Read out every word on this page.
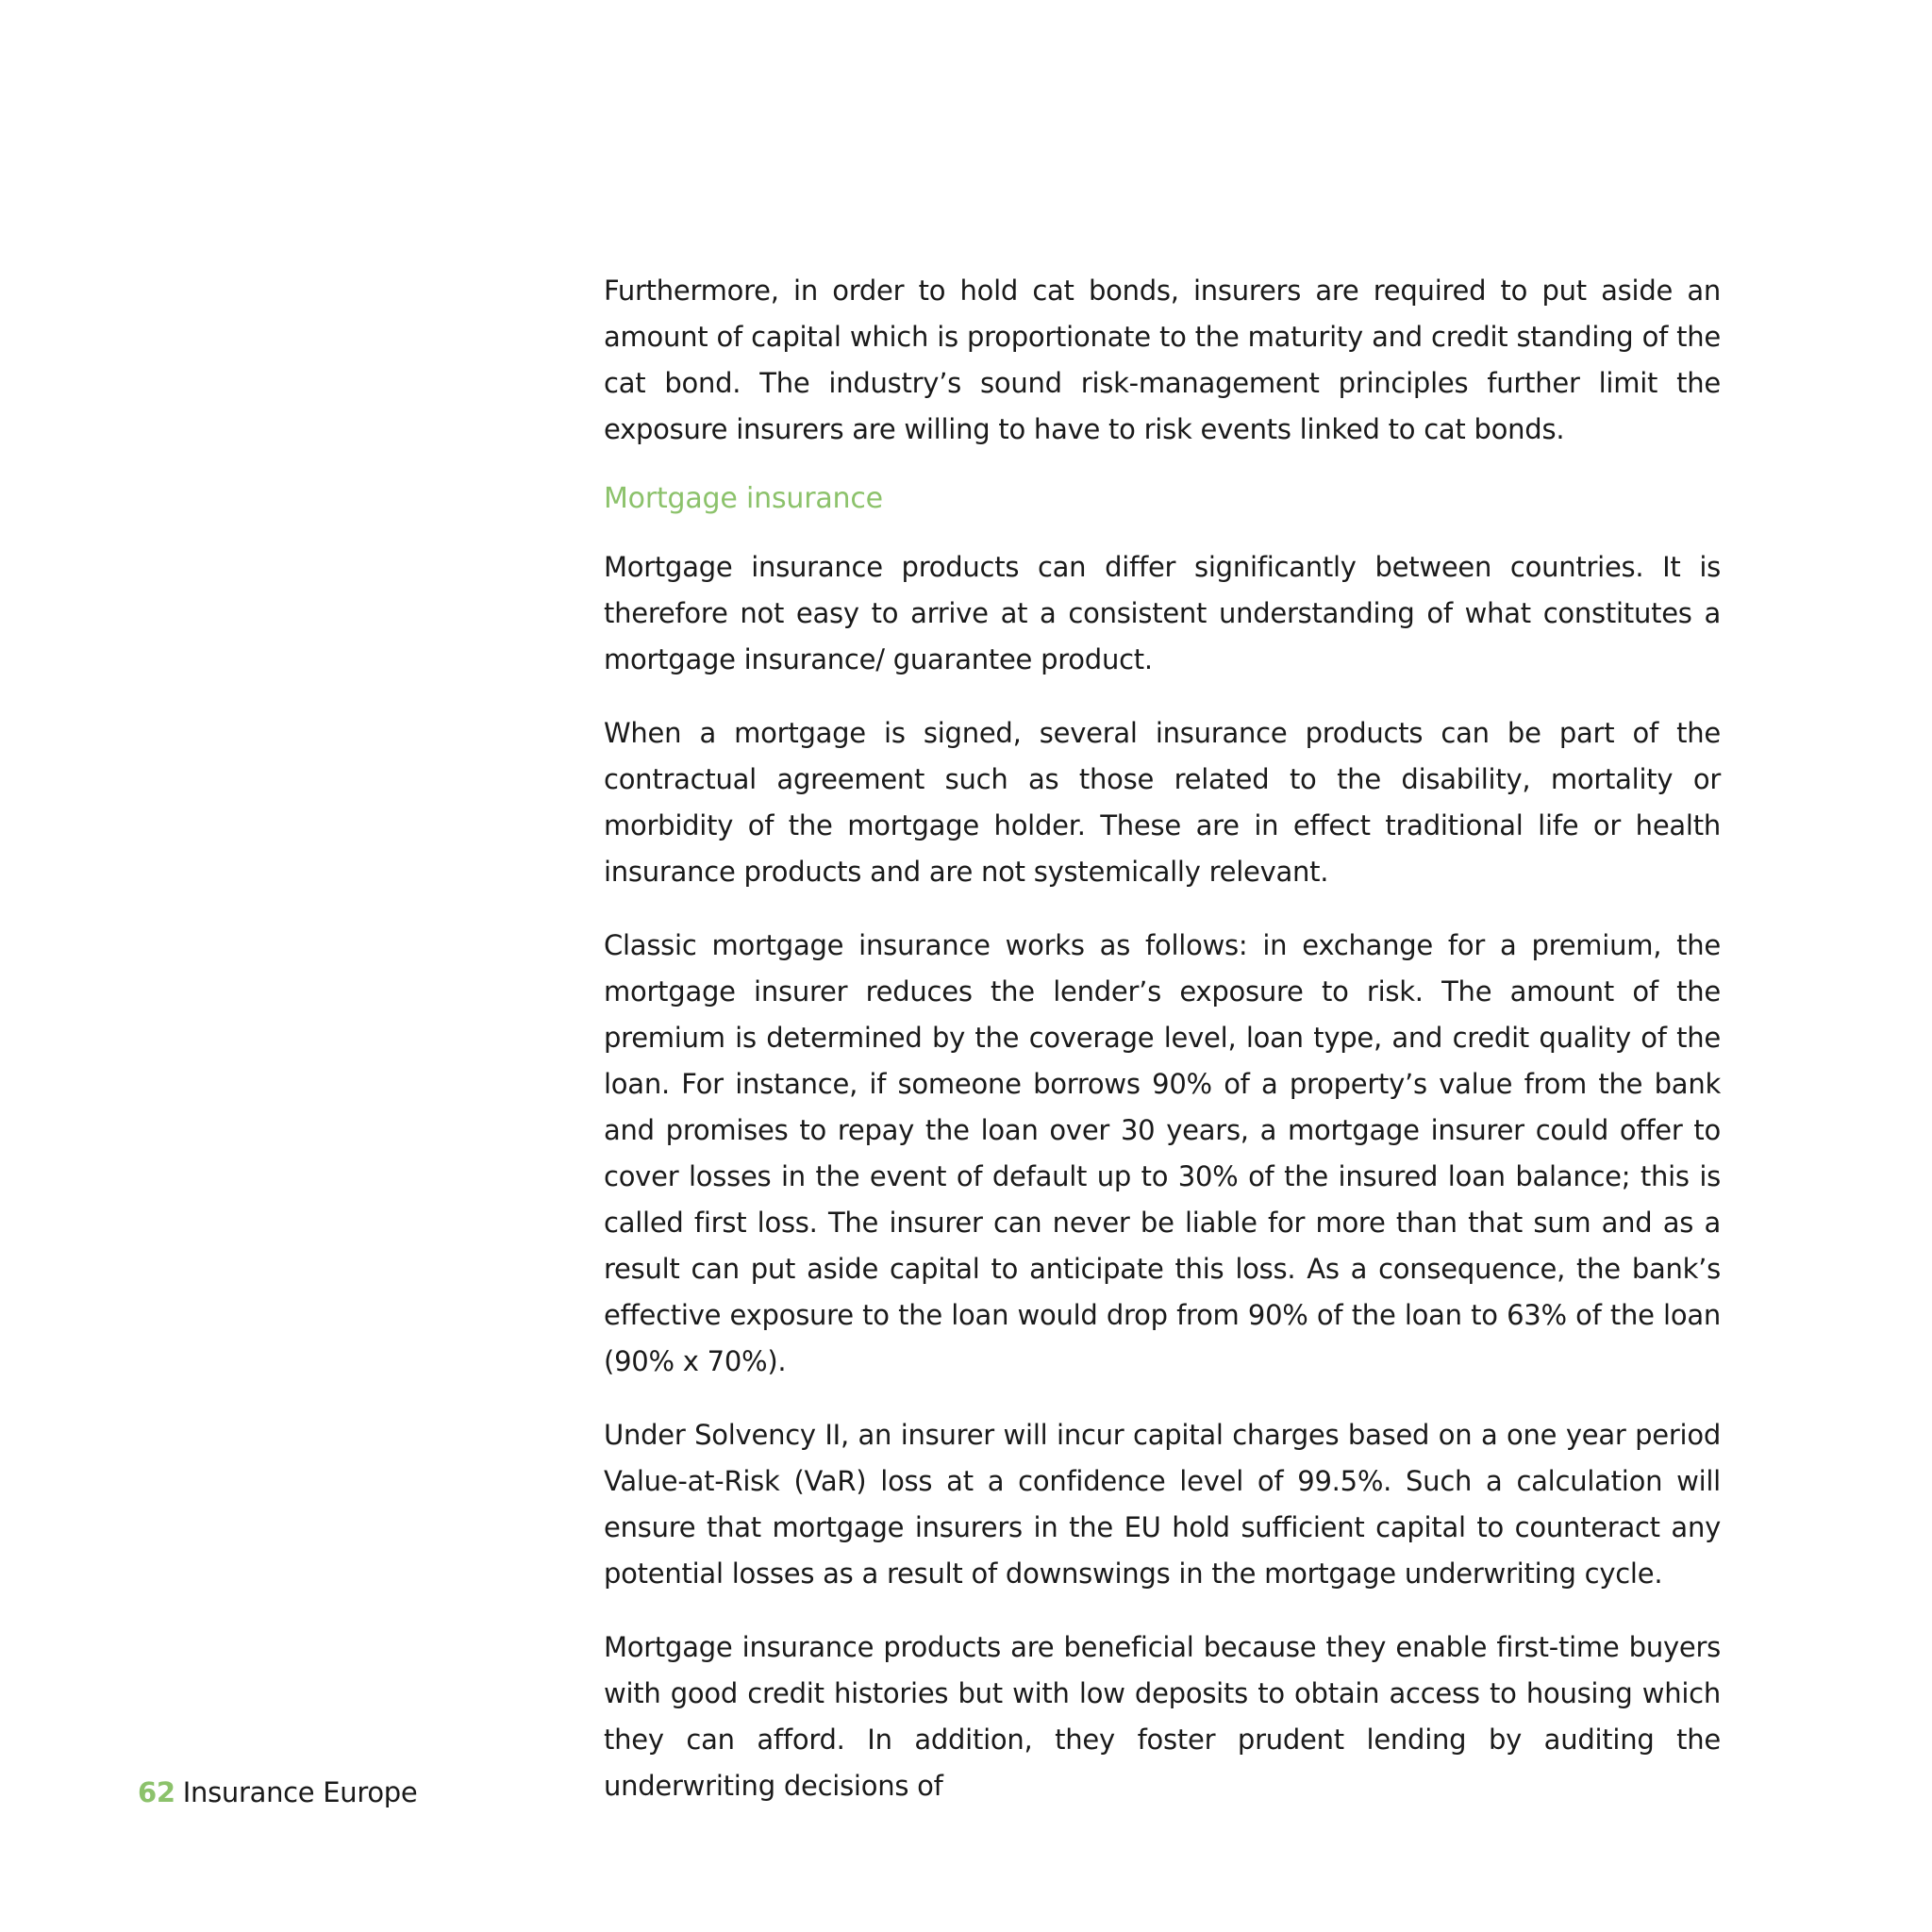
Furthermore, in order to hold cat bonds, insurers are required to put aside an amount of capital which is proportionate to the maturity and credit standing of the cat bond. The industry’s sound risk-management principles further limit the exposure insurers are willing to have to risk events linked to cat bonds.

Mortgage insurance

Mortgage insurance products can differ significantly between countries. It is therefore not easy to arrive at a consistent understanding of what constitutes a mortgage insurance/ guarantee product.

When a mortgage is signed, several insurance products can be part of the contractual agreement such as those related to the disability, mortality or morbidity of the mortgage holder. These are in effect traditional life or health insurance products and are not systemically relevant.

Classic mortgage insurance works as follows: in exchange for a premium, the mortgage insurer reduces the lender’s exposure to risk. The amount of the premium is determined by the coverage level, loan type, and credit quality of the loan. For instance, if someone borrows 90% of a property’s value from the bank and promises to repay the loan over 30 years, a mortgage insurer could offer to cover losses in the event of default up to 30% of the insured loan balance; this is called first loss. The insurer can never be liable for more than that sum and as a result can put aside capital to anticipate this loss. As a consequence, the bank’s effective exposure to the loan would drop from 90% of the loan to 63% of the loan (90% x 70%).

Under Solvency II, an insurer will incur capital charges based on a one year period Value-at-Risk (VaR) loss at a confidence level of 99.5%. Such a calculation will ensure that mortgage insurers in the EU hold sufficient capital to counteract any potential losses as a result of downswings in the mortgage underwriting cycle.

Mortgage insurance products are beneficial because they enable first-time buyers with good credit histories but with low deposits to obtain access to housing which they can afford. In addition, they foster prudent lending by auditing the underwriting decisions of

62 Insurance Europe
